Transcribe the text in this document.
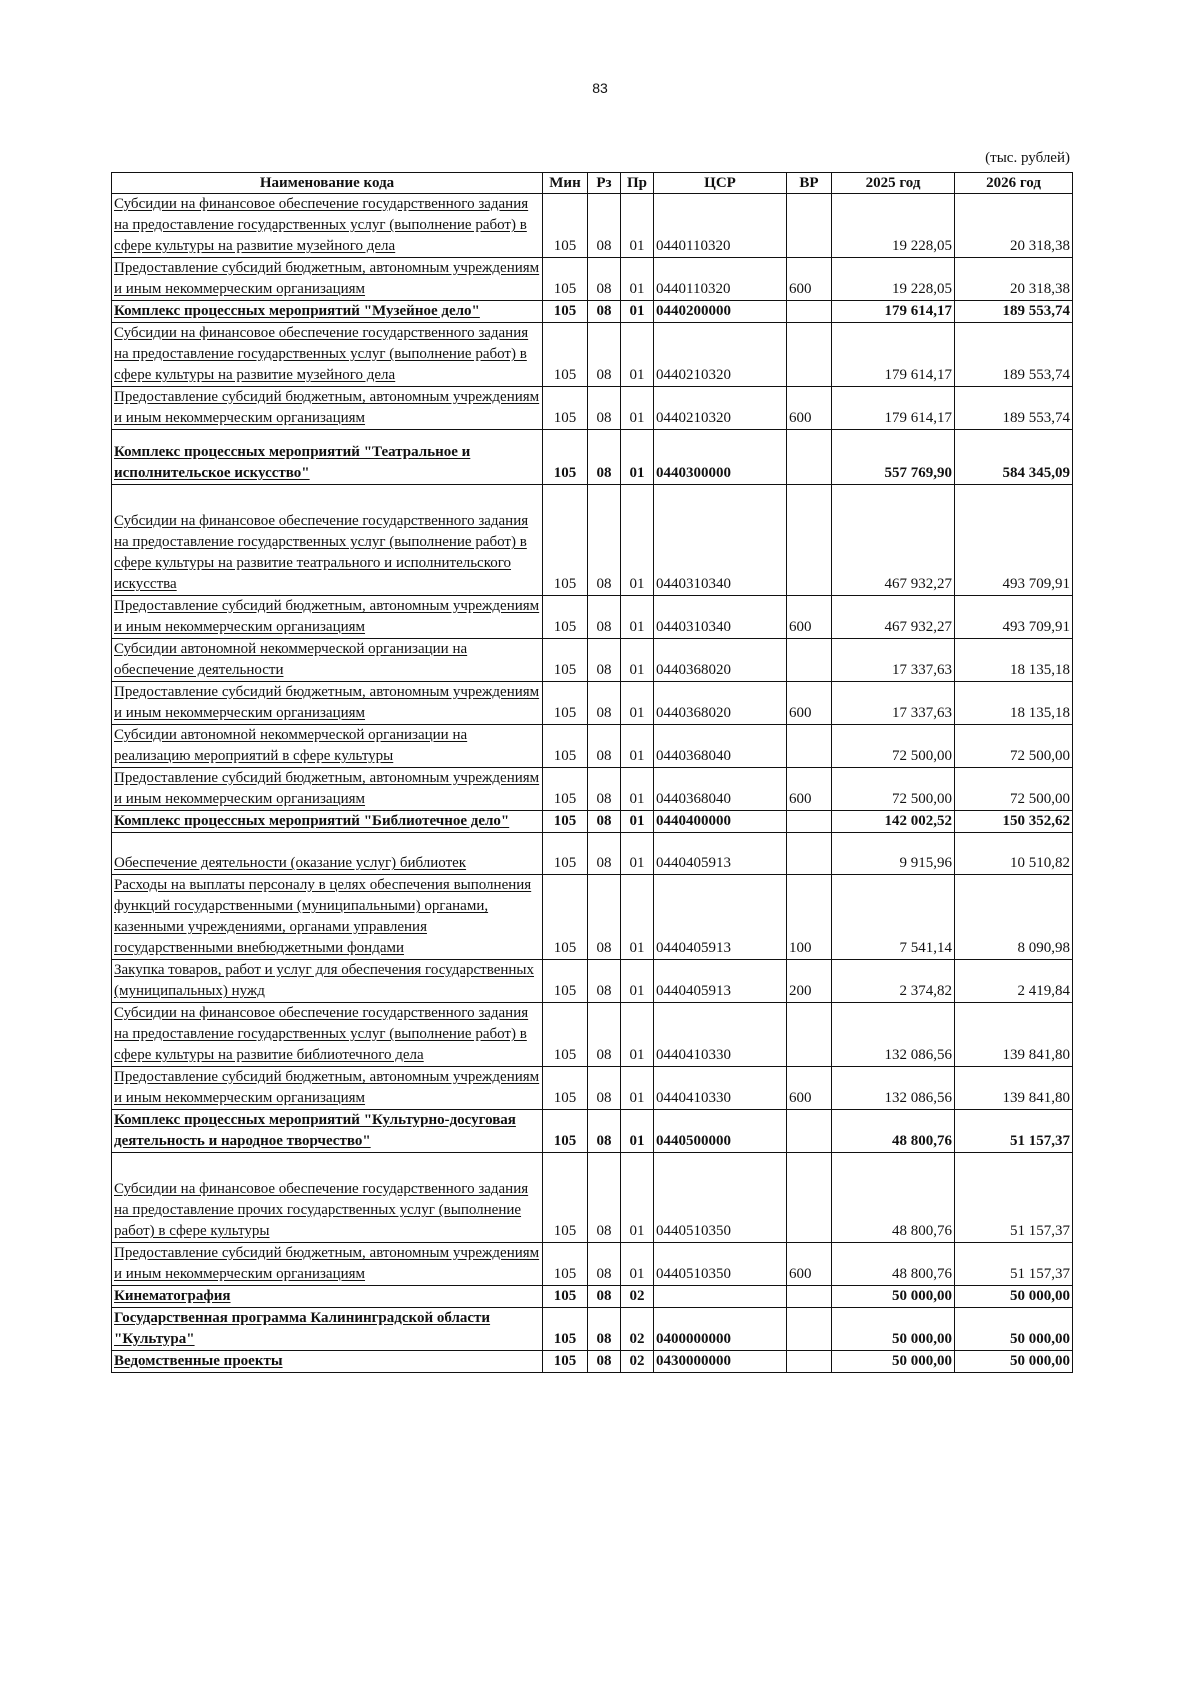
83
(тыс. рублей)
Наименование кода	Мин	Рз	Пр	ЦСР	ВР	2025 год	2026 год
Субсидии на финансовое обеспечение государственного задания на предоставление государственных услуг (выполнение работ) в сфере культуры на развитие музейного дела	105	08	01	0440110320		19 228,05	20 318,38
Предоставление субсидий бюджетным, автономным учреждениям и иным некоммерческим организациям	105	08	01	0440110320	600	19 228,05	20 318,38
Комплекс процессных мероприятий "Музейное дело"	105	08	01	0440200000		179 614,17	189 553,74
Субсидии на финансовое обеспечение государственного задания на предоставление государственных услуг (выполнение работ) в сфере культуры на развитие музейного дела	105	08	01	0440210320		179 614,17	189 553,74
Предоставление субсидий бюджетным, автономным учреждениям и иным некоммерческим организациям	105	08	01	0440210320	600	179 614,17	189 553,74
Комплекс процессных мероприятий "Театральное и исполнительское искусство"	105	08	01	0440300000		557 769,90	584 345,09
Субсидии на финансовое обеспечение государственного задания на предоставление государственных услуг (выполнение работ) в сфере культуры на развитие театрального и исполнительского искусства	105	08	01	0440310340		467 932,27	493 709,91
Предоставление субсидий бюджетным, автономным учреждениям и иным некоммерческим организациям	105	08	01	0440310340	600	467 932,27	493 709,91
Субсидии автономной некоммерческой организации на обеспечение деятельности	105	08	01	0440368020		17 337,63	18 135,18
Предоставление субсидий бюджетным, автономным учреждениям и иным некоммерческим организациям	105	08	01	0440368020	600	17 337,63	18 135,18
Субсидии автономной некоммерческой организации на реализацию мероприятий в сфере культуры	105	08	01	0440368040		72 500,00	72 500,00
Предоставление субсидий бюджетным, автономным учреждениям и иным некоммерческим организациям	105	08	01	0440368040	600	72 500,00	72 500,00
Комплекс процессных мероприятий "Библиотечное дело"	105	08	01	0440400000		142 002,52	150 352,62
Обеспечение деятельности (оказание услуг) библиотек	105	08	01	0440405913		9 915,96	10 510,82
Расходы на выплаты персоналу в целях обеспечения выполнения функций государственными (муниципальными) органами, казенными учреждениями, органами управления государственными внебюджетными фондами	105	08	01	0440405913	100	7 541,14	8 090,98
Закупка товаров, работ и услуг для обеспечения государственных (муниципальных) нужд	105	08	01	0440405913	200	2 374,82	2 419,84
Субсидии на финансовое обеспечение государственного задания на предоставление государственных услуг (выполнение работ) в сфере культуры на развитие библиотечного дела	105	08	01	0440410330		132 086,56	139 841,80
Предоставление субсидий бюджетным, автономным учреждениям и иным некоммерческим организациям	105	08	01	0440410330	600	132 086,56	139 841,80
Комплекс процессных мероприятий "Культурно-досуговая деятельность и народное творчество"	105	08	01	0440500000		48 800,76	51 157,37
Субсидии на финансовое обеспечение государственного задания на предоставление прочих государственных услуг (выполнение работ) в сфере культуры	105	08	01	0440510350		48 800,76	51 157,37
Предоставление субсидий бюджетным, автономным учреждениям и иным некоммерческим организациям	105	08	01	0440510350	600	48 800,76	51 157,37
Кинематография	105	08	02			50 000,00	50 000,00
Государственная программа Калининградской области "Культура"	105	08	02	0400000000		50 000,00	50 000,00
Ведомственные проекты	105	08	02	0430000000		50 000,00	50 000,00
